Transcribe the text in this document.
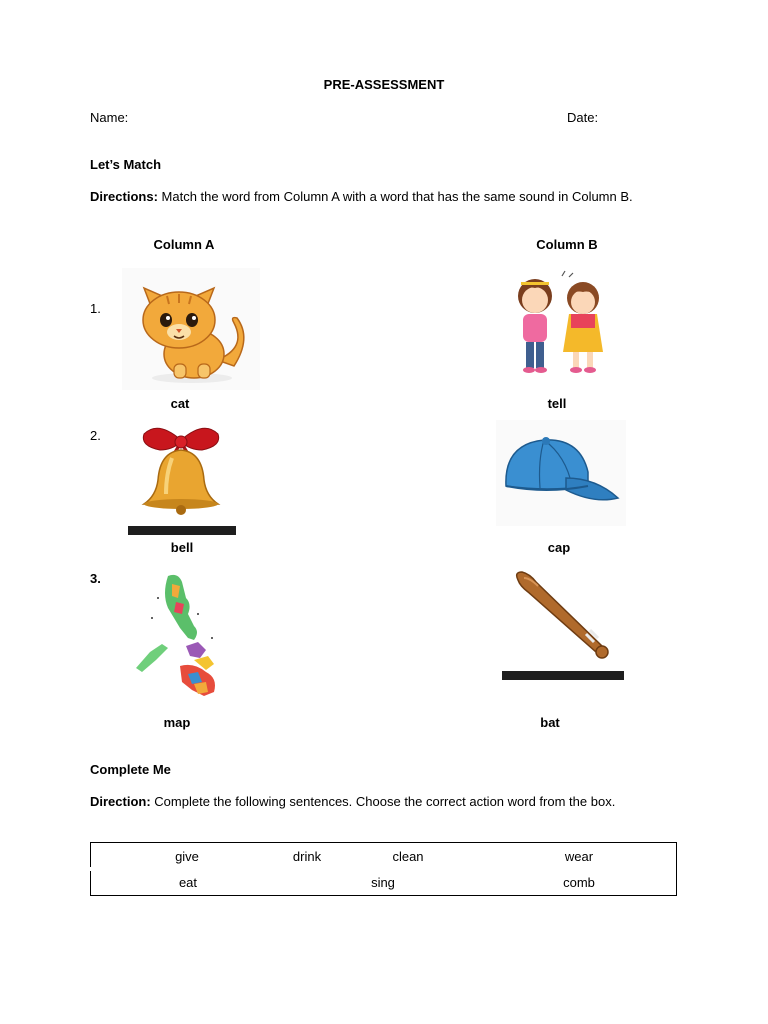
PRE-ASSESSMENT
Name:	Date:
Let’s Match
Directions: Match the word from Column A with a word that has the same sound in Column B.
Column A	Column B
1.
cat	tell
2.
bell	cap
3.
map	bat
Complete Me
Direction: Complete the following sentences. Choose the correct action word from the box.
give	drink	clean	wear
eat	sing	comb
